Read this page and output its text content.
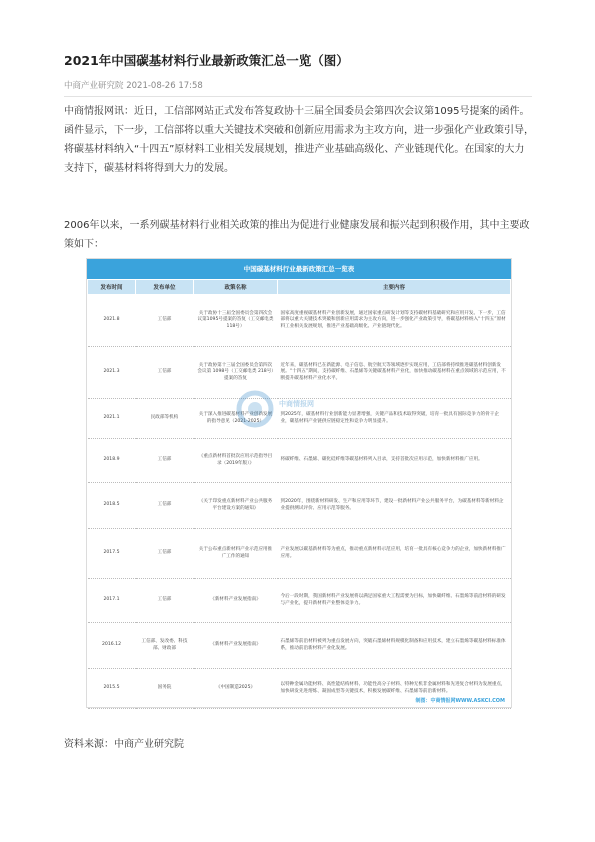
2021年中国碳基材料行业最新政策汇总一览（图）
中商产业研究院 2021-08-26 17:58

中商情报网讯：近日，工信部网站正式发布答复政协十三届全国委员会第四次会议第1095号提案的函件。函件显示，下一步，工信部将以重大关键技术突破和创新应用需求为主攻方向，进一步强化产业政策引导，将碳基材料纳入“十四五”原材料工业相关发展规划，推进产业基础高级化、产业链现代化。在国家的大力支持下，碳基材料将得到大力的发展。

2006年以来，一系列碳基材料行业相关政策的推出为促进行业健康发展和振兴起到积极作用，其中主要政策如下：

中国碳基材料行业最新政策汇总一览表
发布时间	发布单位	政策名称	主要内容
2021.8	工信部	关于政协十三届全国委员会第四次会议第1095号提案的答复（工交邮电类118号）	国家高度重视碳基材料产业创新发展，通过国家重点研发计划等支持碳材料基础研究和应用开发。下一步，工信部将以重大关键技术突破和创新应用需求为主攻方向，进一步强化产业政策引导，将碳基材料纳入“十四五”原材料工业相关发展规划，推进产业基础高级化、产业链现代化。
2021.3	工信部	关于政协第十三届全国委员会第四次会议第 1098号（工交邮电类 218号）提案的答复	近年来，碳基材料已在新能源、电子信息、航空航天等领域逐步实现应用，工信部将持续推进碳基材料创新发展。“十四五”期间，支持碳纤维、石墨烯等关键碳基材料产业化，加快推动碳基材料在重点领域的示范应用，不断提升碳基材料产业化水平。
2021.1	民政部等机构	关于深入推进碳基材料产业创新发展的指导意见（2021-2025）	到2025年，碳基材料行业创新能力显著增强，关键产品和技术取得突破，培育一批具有国际竞争力的骨干企业，碳基材料产业链供应链稳定性和竞争力明显提升。
2018.9	工信部	《重点新材料首批次应用示范指导目录（2019年版）》	将碳纤维、石墨烯、碳化硅纤维等碳基材料列入目录，支持首批次应用示范，加快新材料推广应用。
2018.5	工信部	《关于印发重点新材料产业公共服务平台建设方案的通知》	到2020年，围绕新材料研发、生产和应用等环节，建设一批新材料产业公共服务平台，为碳基材料等新材料企业提供测试评价、应用示范等服务。
2017.5	工信部	关于公布重点新材料产业示范应用推广工作的通知	产业发展以碳基新材料等为重点，推动重点新材料示范应用，培育一批具有核心竞争力的企业，加快新材料推广应用。
2017.1	工信部	《新材料产业发展指南》	今后一段时期，我国新材料产业发展将以满足国家重大工程需要为目标，加快碳纤维、石墨烯等前沿材料的研发与产业化，提升新材料产业整体竞争力。
2016.12	工信部、发改委、科技部、财政部	《新材料产业发展指南》	石墨烯等前沿材料被列为重点发展方向，突破石墨烯材料规模化制备和应用技术，建立石墨烯等碳基材料标准体系，推动前沿新材料产业化发展。
2015.5	国务院	《中国制造2025》	以特种金属功能材料、高性能结构材料、功能性高分子材料、特种无机非金属材料和先进复合材料为发展重点，加快研发先进熔炼、凝固成型等关键技术，积极发展碳纤维、石墨烯等前沿新材料。
中商情报网
制图：中商情报网WWW.ASKCI.COM
资料来源：中商产业研究院
